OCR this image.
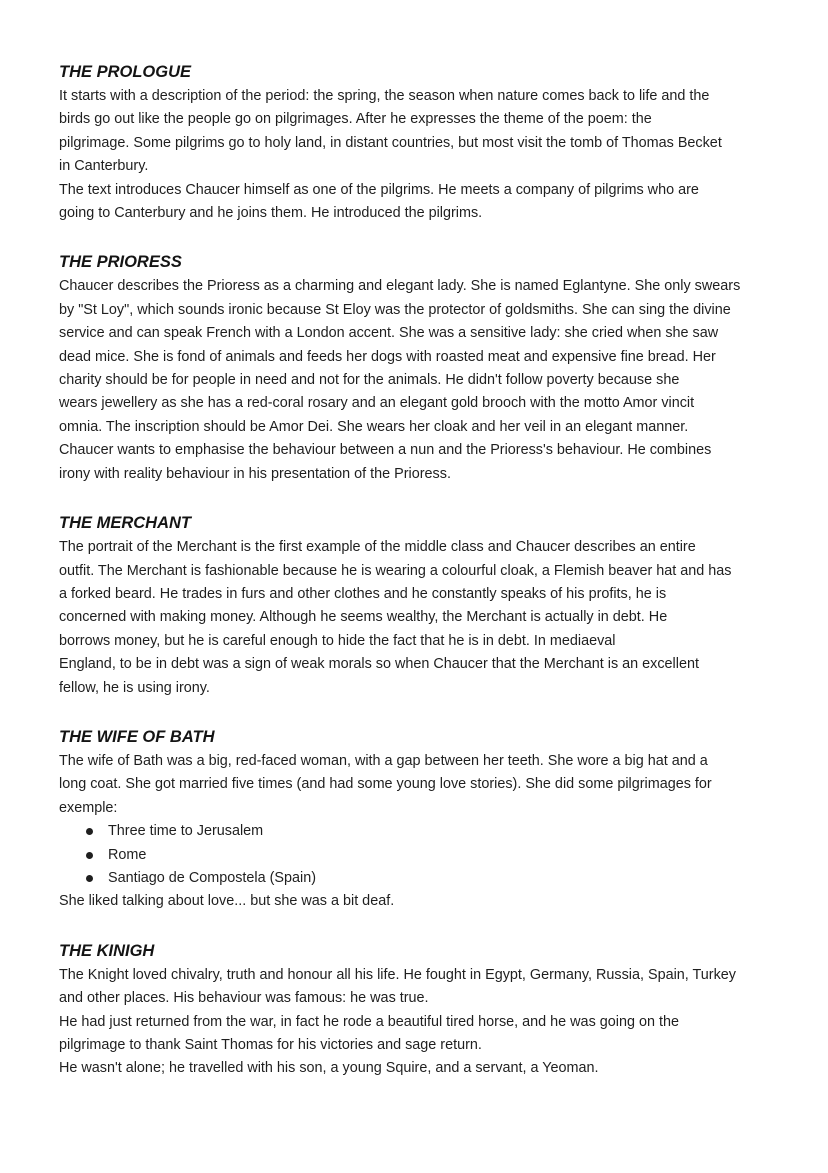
THE PROLOGUE

It starts with a description of the period: the spring, the season when nature comes back to life and the
birds go out like the people go on pilgrimages. After he expresses the theme of the poem: the
pilgrimage. Some pilgrims go to holy land, in distant countries, but most visit the tomb of Thomas Becket
in Canterbury.

The text introduces Chaucer himself as one of the pilgrims. He meets a company of pilgrims who are
going to Canterbury and he joins them. He introduced the pilgrims.

THE PRIORESS

Chaucer describes the Prioress as a charming and elegant lady. She is named Eglantyne. She only swears
by "St Loy", which sounds ironic because St Eloy was the protector of goldsmiths. She can sing the divine
service and can speak French with a London accent. She was a sensitive lady: she cried when she saw
dead mice. She is fond of animals and feeds her dogs with roasted meat and expensive fine bread. Her
charity should be for people in need and not for the animals. He didn't follow poverty because she
wears jewellery as she has a red-coral rosary and an elegant gold brooch with the motto Amor vincit
omnia. The inscription should be Amor Dei. She wears her cloak and her veil in an elegant manner.
Chaucer wants to emphasise the behaviour between a nun and the Prioress's behaviour. He combines
irony with reality behaviour in his presentation of the Prioress.

THE MERCHANT

The portrait of the Merchant is the first example of the middle class and Chaucer describes an entire
outfit. The Merchant is fashionable because he is wearing a colourful cloak, a Flemish beaver hat and has
a forked beard. He trades in furs and other clothes and he constantly speaks of his profits, he is
concerned with making money. Although he seems wealthy, the Merchant is actually in debt. He
borrows money, but he is careful enough to hide the fact that he is in debt. In mediaeval
England, to be in debt was a sign of weak morals so when Chaucer that the Merchant is an excellent
fellow, he is using irony.

THE WIFE OF BATH

The wife of Bath was a big, red-faced woman, with a gap between her teeth. She wore a big hat and a
long coat. She got married five times (and had some young love stories). She did some pilgrimages for
exemple:

Three time to Jerusalem
Rome
Santiago de Compostela (Spain)

She liked talking about love... but she was a bit deaf.

THE KINIGH

The Knight loved chivalry, truth and honour all his life. He fought in Egypt, Germany, Russia, Spain, Turkey
and other places. His behaviour was famous: he was true.

He had just returned from the war, in fact he rode a beautiful tired horse, and he was going on the
pilgrimage to thank Saint Thomas for his victories and sage return.

He wasn't alone; he travelled with his son, a young Squire, and a servant, a Yeoman.
